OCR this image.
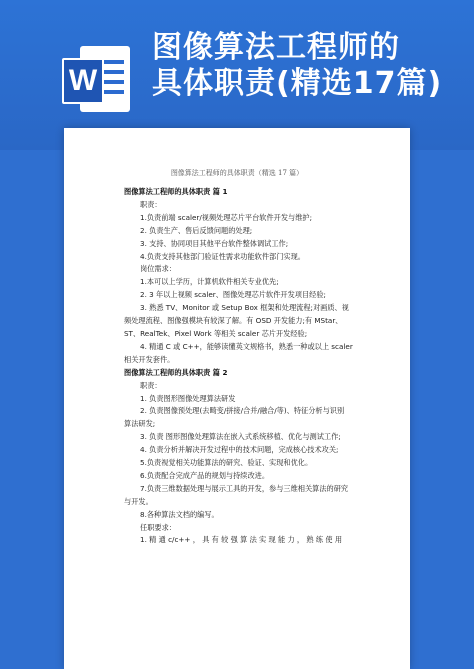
W
图像算法工程师的
具体职责(精选17篇)
图像算法工程师的具体职责（精选 17 篇）

图像算法工程师的具体职责 篇 1

职责：

1.负责前端 scaler/视频处理芯片平台软件开发与维护;

2. 负责生产、售后反馈问题的处理;

3. 支持、协同项目其他平台软件整体调试工作;

4.负责支持其他部门验证性需求功能软件部门实现。

岗位需求：

1.本可以上学历，计算机软件相关专业优先;

2. 3 年以上视频 scaler、图像处理芯片软件开发项目经验;

3. 熟悉 TV、Monitor 或 Setup Box 框架和处理流程;对画质、视

频处理流程、图像强模块有较深了解。有 OSD 开发能力;有 MStar、

ST、RealTek、Pixel Work 等相关 scaler 芯片开发经验;

4. 精通 C 或 C++，能够读懂英文规格书，熟悉一种或以上 scaler

相关开发套件。

图像算法工程师的具体职责 篇 2

职责：

1. 负责图形图像处理算法研发

2. 负责图像预处理(去畸变/拼接/合并/融合/等)、特征分析与识别

算法研发;

3. 负责 图形图像处理算法在嵌入式系统移植、优化与测试工作;

4. 负责分析并解决开发过程中的技术问题，完成核心技术攻关;

5.负责视觉相关功能算法的研究、验证、实现和优化。

6.负责配合完成产品的规划与持续改进。

7.负责三维数据处理与展示工具的开发，参与三维相关算法的研究

与开发。

8.各种算法文档的编写。

任职要求：

1. 精 通 c/c++ ， 具 有 较 强 算 法 实 现 能 力 ， 熟 练 使 用
